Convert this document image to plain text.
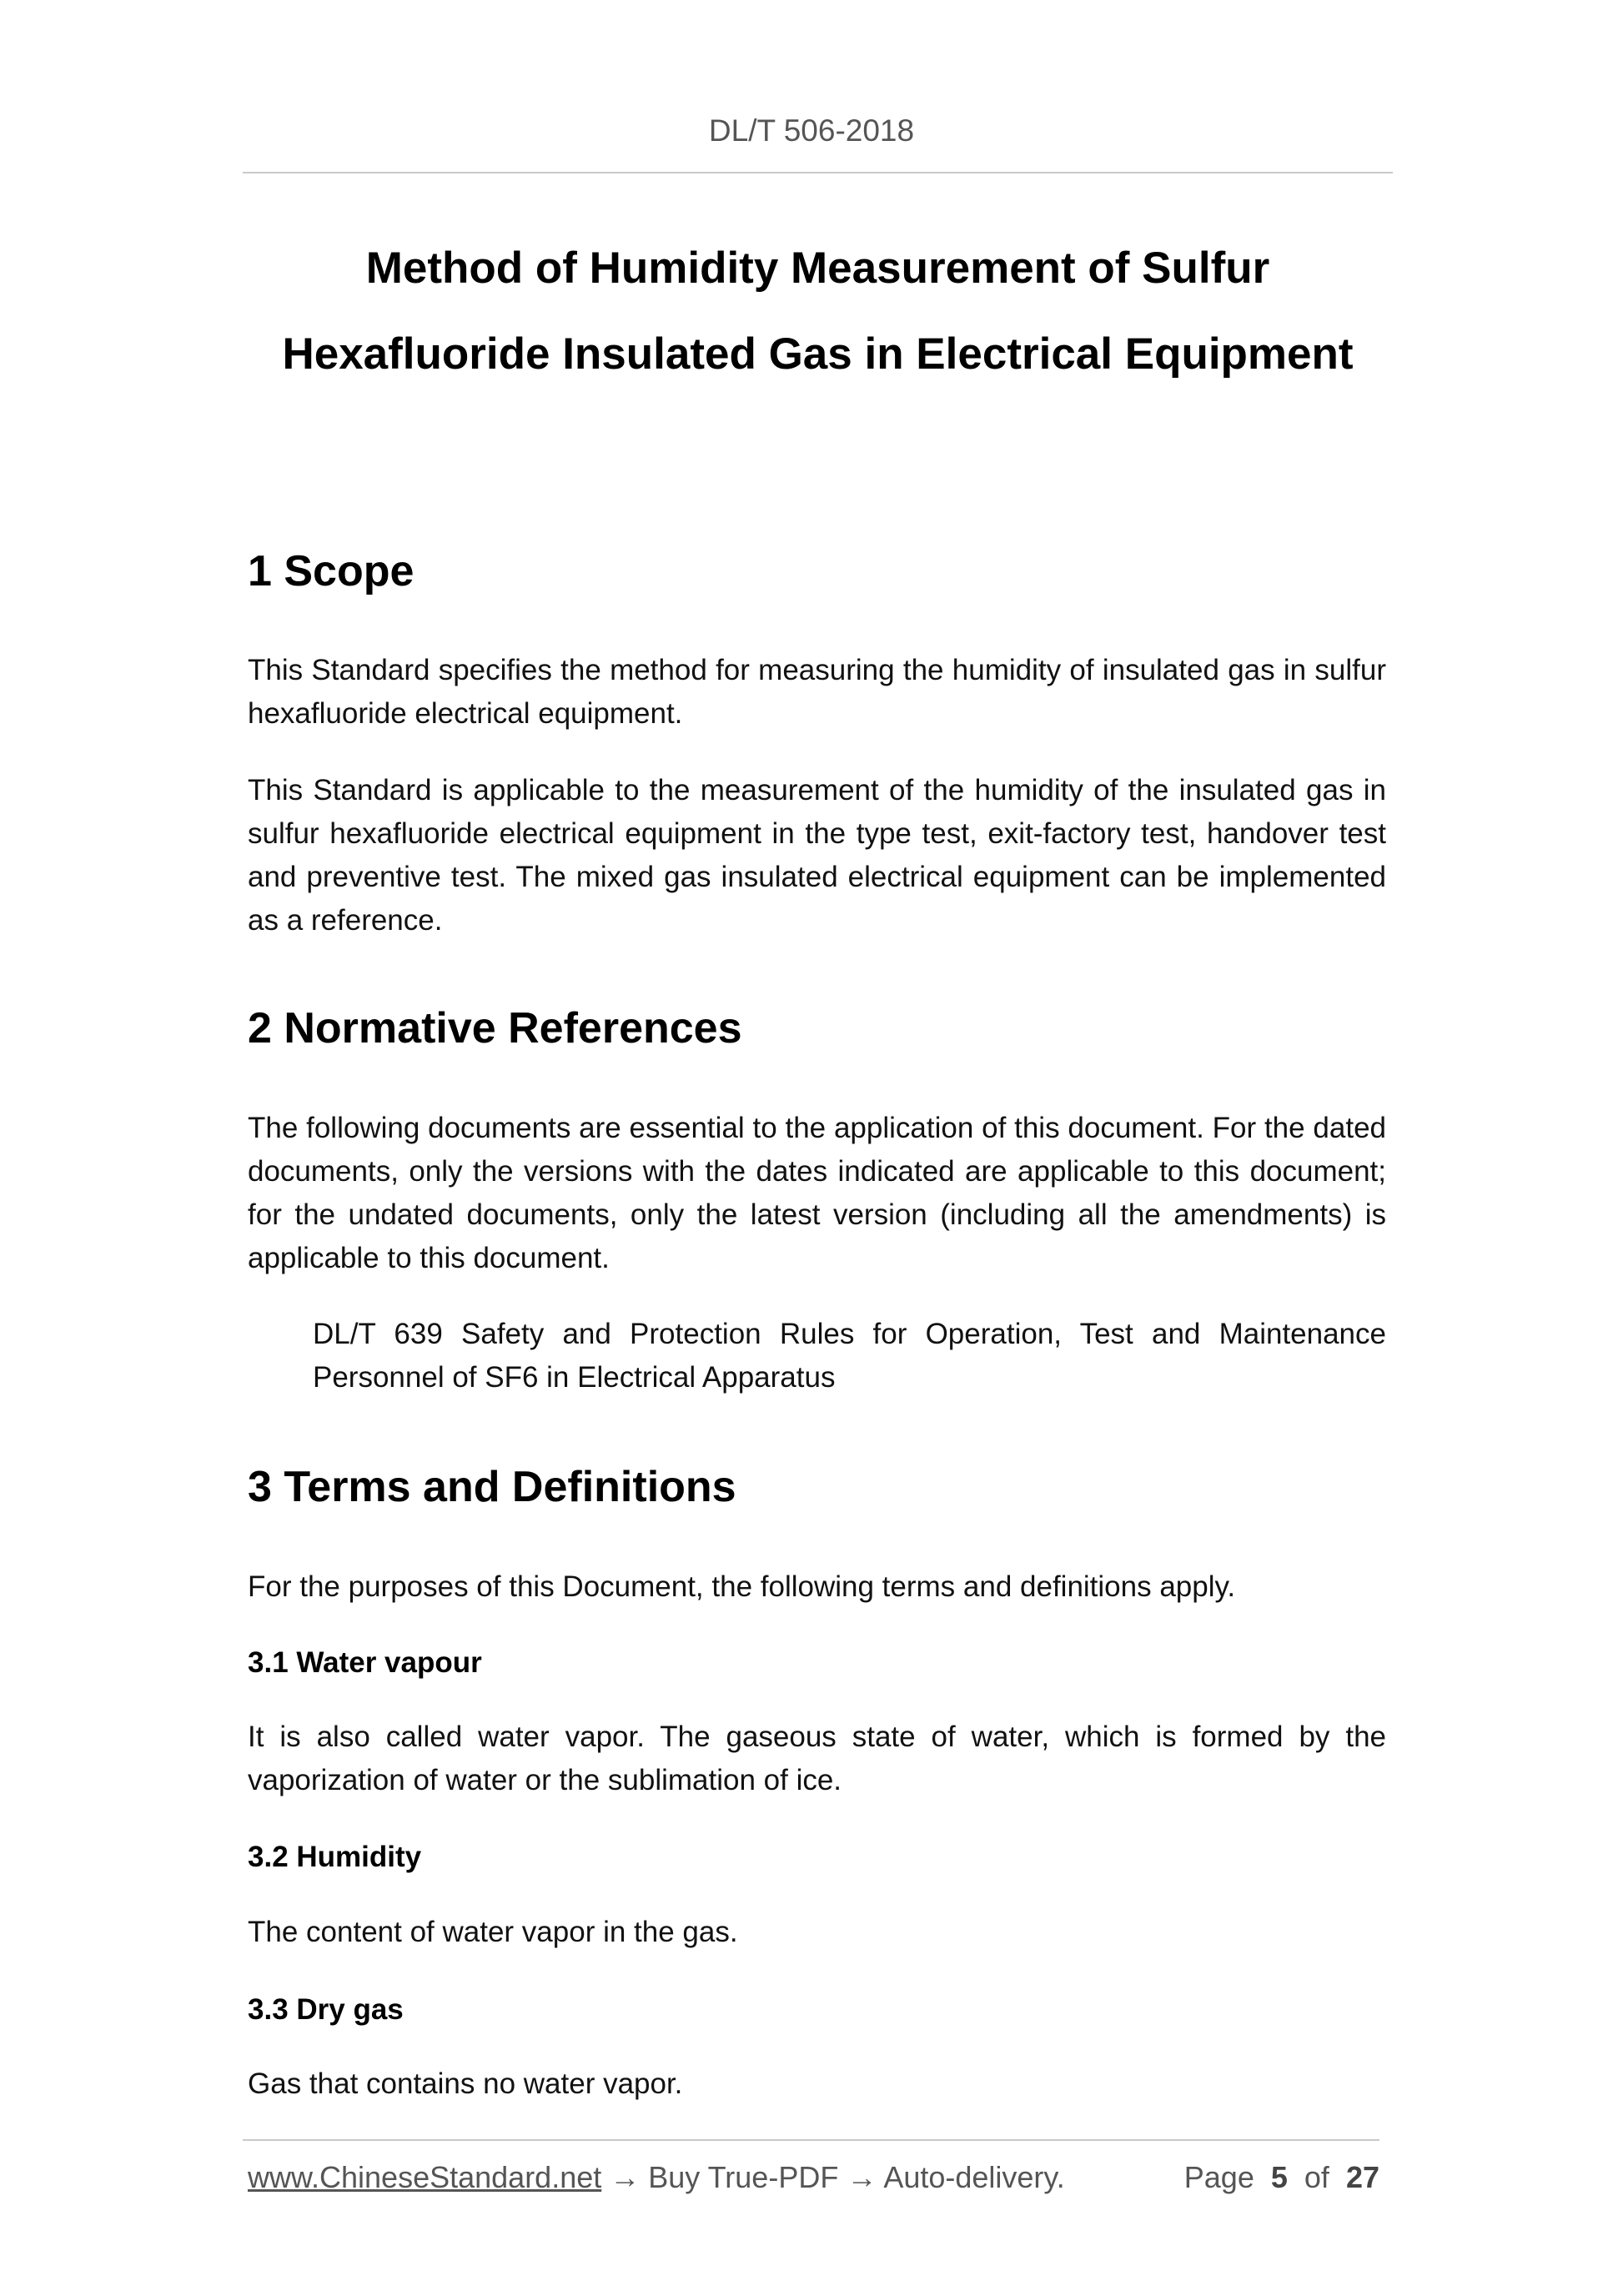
DL/T 506-2018
Method of Humidity Measurement of Sulfur
Hexafluoride Insulated Gas in Electrical Equipment
1 Scope

This Standard specifies the method for measuring the humidity of insulated gas in sulfur hexafluoride electrical equipment.

This Standard is applicable to the measurement of the humidity of the insulated gas in sulfur hexafluoride electrical equipment in the type test, exit-factory test, handover test and preventive test. The mixed gas insulated electrical equipment can be implemented as a reference.

2 Normative References

The following documents are essential to the application of this document. For the dated documents, only the versions with the dates indicated are applicable to this document; for the undated documents, only the latest version (including all the amendments) is applicable to this document.

DL/T 639 Safety and Protection Rules for Operation, Test and Maintenance Personnel of SF6 in Electrical Apparatus

3 Terms and Definitions

For the purposes of this Document, the following terms and definitions apply.

3.1 Water vapour

It is also called water vapor. The gaseous state of water, which is formed by the vaporization of water or the sublimation of ice.

3.2 Humidity

The content of water vapor in the gas.

3.3 Dry gas

Gas that contains no water vapor.

www.ChineseStandard.net → Buy True-PDF → Auto-delivery.	Page 5 of 27
